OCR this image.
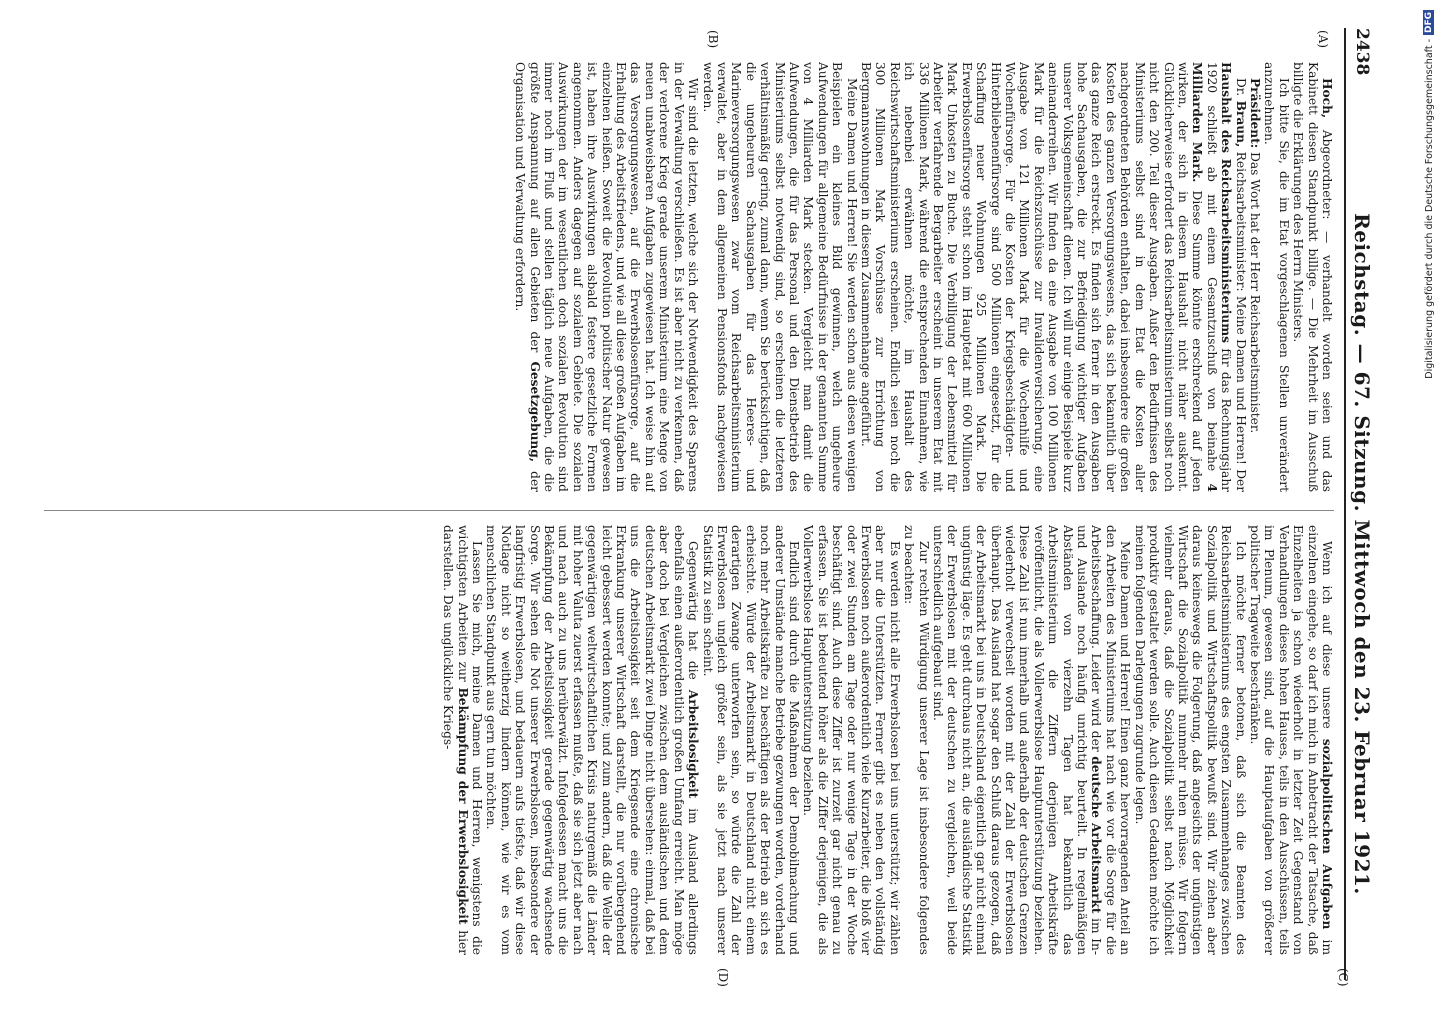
2438
Reichstag. — 67. Sitzung. Mittwoch den 23. Februar 1921.
(A)
(B)
(C)
(D)

Hoch, Abgeordneter: — verhandelt worden seien und das Kabinett diesen Standpunkt billige. — Die Mehrheit im Ausschuß billigte die Erklärungen des Herrn Ministers.

Ich bitte Sie, die im Etat vorgeschlagenen Stellen unverändert anzunehmen.

Präsident: Das Wort hat der Herr Reichsarbeitsminister.

Dr. Braun, Reichsarbeitsminister: Meine Damen und Herren! Der Haushalt des Reichsarbeitsministeriums für das Rechnungsjahr 1920 schließt ab mit einem Gesamtzuschuß von beinahe 4 Milliarden Mark. Diese Summe könnte erschreckend auf jeden wirken, der sich in diesem Haushalt nicht näher auskennt. Glücklicherweise erfordert das Reichsarbeitsministerium selbst noch nicht den 200. Teil dieser Ausgaben. Außer den Bedürfnissen des Ministeriums selbst sind in dem Etat die Kosten aller nachgeordneten Behörden enthalten, dabei insbesondere die großen Kosten des ganzen Versorgungswesens, das sich bekanntlich über das ganze Reich erstreckt. Es finden sich ferner in den Ausgaben hohe Sachausgaben, die zur Befriedigung wichtiger Aufgaben unserer Volksgemeinschaft dienen. Ich will nur einige Beispiele kurz aneinanderreihen. Wir finden da eine Ausgabe von 100 Millionen Mark für die Reichszuschüsse zur Invalidenversicherung, eine Ausgabe von 121 Millionen Mark für die Wochenhilfe und Wochenfürsorge. Für die Kosten der Kriegsbeschädigten- und Hinterbliebenenfürsorge sind 500 Millionen eingesetzt, für die Schaffung neuer Wohnungen 925 Millionen Mark. Die Erwerbslosenfürsorge steht schon im Hauptetat mit 600 Millionen Mark Unkosten zu Buche. Die Verbilligung der Lebensmittel für Arbeiter verfahrende Bergarbeiter erscheint in unserem Etat mit 336 Millionen Mark, während die entsprechenden Einnahmen, wie ich nebenbei erwähnen möchte, im Haushalt des Reichswirtschaftsministeriums erscheinen. Endlich seien noch die 300 Millionen Mark Vorschüsse zur Errichtung von Bergmannswohnungen in diesem Zusammenhange angeführt.

Meine Damen und Herren! Sie werden schon aus diesen wenigen Beispielen ein kleines Bild gewinnen, welch ungeheure Aufwendungen für allgemeine Bedürfnisse in der genannten Summe von 4 Milliarden Mark stecken. Vergleicht man damit die Aufwendungen, die für das Personal und den Dienstbetrieb des Ministeriums selbst notwendig sind, so erscheinen die letzteren verhältnismäßig gering, zumal dann, wenn Sie berücksichtigen, daß die ungeheuren Sachausgaben für das Heeres- und Marineversorgungswesen zwar vom Reichsarbeitsministerium verwaltet, aber in dem allgemeinen Pensionsfonds nachgewiesen werden.

Wir sind die letzten, welche sich der Notwendigkeit des Sparens in der Verwaltung verschließen. Es ist aber nicht zu verkennen, daß der verlorene Krieg gerade unserem Ministerium eine Menge von neuen unabweisbaren Aufgaben zugewiesen hat. Ich weise hin auf das Versorgungswesen, auf die Erwerbslosenfürsorge, auf die Erhaltung des Arbeitsfriedens, und wie all diese großen Aufgaben im einzelnen heißen. Soweit die Revolution politischer Natur gewesen ist, haben ihre Auswirkungen alsbald festere gesetzliche Formen angenommen. Anders dagegen auf sozialem Gebiete. Die sozialen Auswirkungen der im wesentlichen doch sozialen Revolution sind immer noch im Fluß und stellen täglich neue Aufgaben, die die größte Anspannung auf allen Gebieten der Gesetzgebung, der Organisation und Verwaltung erfordern.

Wenn ich auf diese unsere sozialpolitischen Aufgaben im einzelnen eingehe, so darf ich mich in Anbetracht der Tatsache, daß Einzelheiten ja schon wiederholt in letzter Zeit Gegenstand von Verhandlungen dieses hohen Hauses, teils in den Ausschüssen, teils im Plenum, gewesen sind, auf die Hauptaufgaben von größerer politischer Tragweite beschränken.

Ich möchte ferner betonen, daß sich die Beamten des Reichsarbeitsministeriums des engsten Zusammenhanges zwischen Sozialpolitik und Wirtschaftspolitik bewußt sind. Wir ziehen aber daraus keineswegs die Folgerung, daß angesichts der ungünstigen Wirtschaft die Sozialpolitik nunmehr ruhen müsse. Wir folgern vielmehr daraus, daß die Sozialpolitik selbst nach Möglichkeit produktiv gestaltet werden solle. Auch diesen Gedanken möchte ich meinen folgenden Darlegungen zugrunde legen.

Meine Damen und Herren! Einen ganz hervorragenden Anteil an den Arbeiten des Ministeriums hat nach wie vor die Sorge für die Arbeitsbeschaffung. Leider wird der deutsche Arbeitsmarkt im In- und Auslande noch häufig unrichtig beurteilt. In regelmäßigen Abständen von vierzehn Tagen hat bekanntlich das Arbeitsministerium die Ziffern derjenigen Arbeitskräfte veröffentlicht, die als Vollerwerbslose Hauptunterstützung beziehen. Diese Zahl ist nun innerhalb und außerhalb der deutschen Grenzen wiederholt verwechselt worden mit der Zahl der Erwerbslosen überhaupt. Das Ausland hat sogar den Schluß daraus gezogen, daß der Arbeitsmarkt bei uns in Deutschland eigentlich gar nicht einmal ungünstig läge. Es geht durchaus nicht an, die ausländische Statistik der Erwerbslosen mit der deutschen zu vergleichen, weil beide unterschiedlich aufgebaut sind.

Zur rechten Würdigung unserer Lage ist insbesondere folgendes zu beachten:

Es werden nicht alle Erwerbslosen bei uns unterstützt; wir zählen aber nur die Unterstützten. Ferner gibt es neben den vollständig Erwerbslosen noch außerordentlich viele Kurzarbeiter, die bloß vier oder zwei Stunden am Tage oder nur wenige Tage in der Woche beschäftigt sind. Auch diese Ziffer ist zurzeit gar nicht genau zu erfassen. Sie ist bedeutend höher als die Ziffer derjenigen, die als Vollerwerbslose Hauptunterstützung beziehen.

Endlich sind durch die Maßnahmen der Demobilmachung und anderer Umstände manche Betriebe gezwungen worden, vorderhand noch mehr Arbeitskräfte zu beschäftigen als der Betrieb an sich es erheischte. Würde der Arbeitsmarkt in Deutschland nicht einem derartigen Zwange unterworfen sein, so würde die Zahl der Erwerbslosen ungleich größer sein, als sie jetzt nach unserer Statistik zu sein scheint.

Gegenwärtig hat die Arbeitslosigkeit im Ausland allerdings ebenfalls einen außerordentlich großen Umfang erreicht. Man möge aber doch bei Vergleichen zwischen dem ausländischen und dem deutschen Arbeitsmarkt zwei Dinge nicht übersehen: einmal, daß bei uns die Arbeitslosigkeit seit dem Kriegsende eine chronische Erkrankung unserer Wirtschaft darstellt, die nur vorübergehend leicht gebessert werden konnte; und zum andern, daß die Welle der gegenwärtigen weltwirtschaftlichen Krisis naturgemäß die Länder mit hoher Valuta zuerst erfassen mußte, daß sie sich jetzt aber nach und nach auch zu uns herüberwälzt. Infolgedessen macht uns die Bekämpfung der Arbeitslosigkeit gerade gegenwärtig wachsende Sorge. Wir sehen die Not unserer Erwerbslosen, insbesondere der langfristig Erwerbslosen, und bedauern aufs tiefste, daß wir diese Notlage nicht so weitherzig lindern können, wie wir es vom menschlichen Standpunkt aus gern tun möchten.

Lassen Sie mich, meine Damen und Herren, wenigstens die wichtigsten Arbeiten zur Bekämpfung der Erwerbslosigkeit hier darstellen. Das unglückliche Kriegs-

DFG
Digitalisierung gefördert durch die Deutsche Forschungsgemeinschaft -
